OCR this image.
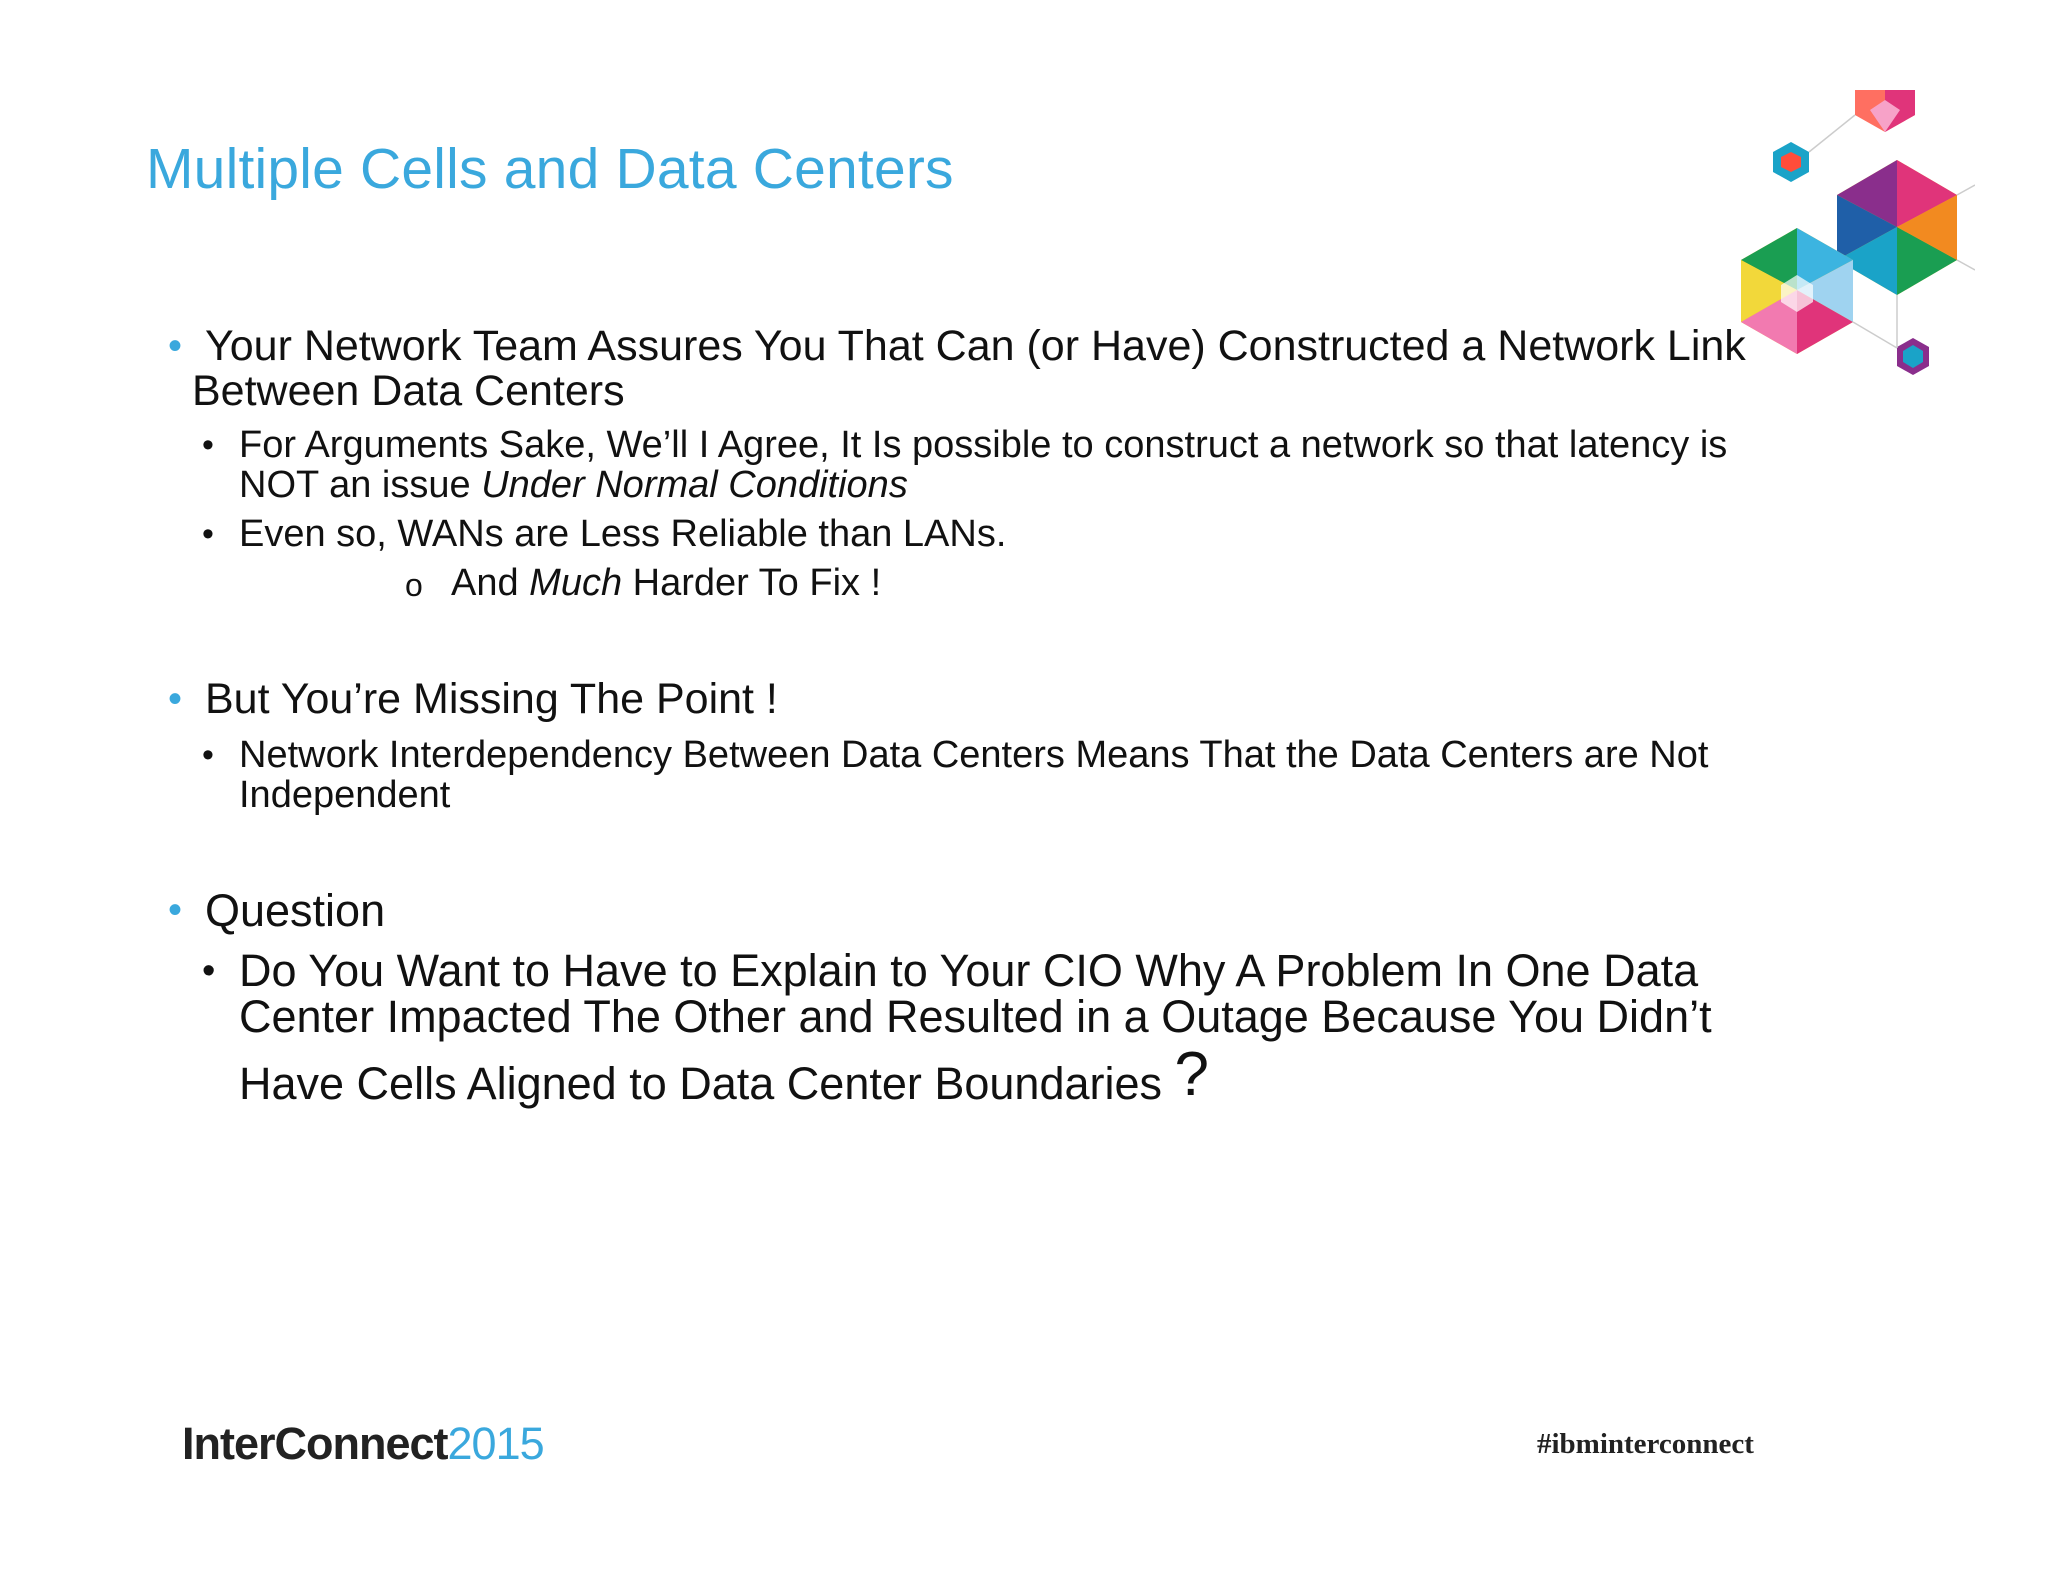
Multiple Cells and Data Centers
• Your Network Team Assures You That Can (or Have) Constructed a Network Link
Between Data Centers
• For Arguments Sake, We’ll I Agree, It Is possible to construct a network so that latency is
NOT an issue Under Normal Conditions
• Even so, WANs are Less Reliable than LANs.
o And Much Harder To Fix !
• But You’re Missing The Point !
• Network Interdependency Between Data Centers Means That the Data Centers are Not
Independent
• Question
• Do You Want to Have to Explain to Your CIO Why A Problem In One Data
Center Impacted The Other and Resulted in a Outage Because You Didn’t
Have Cells Aligned to Data Center Boundaries ?
InterConnect2015	#ibminterconnect
